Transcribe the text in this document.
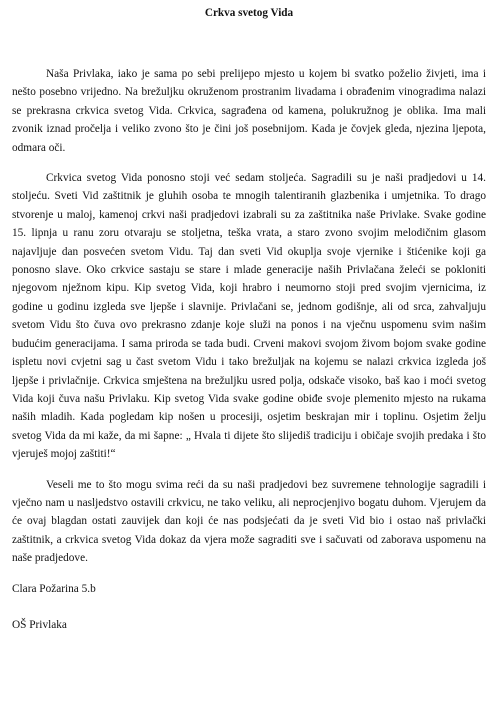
Crkva svetog Vida

Naša Privlaka, iako je sama po sebi prelijepo mjesto u kojem bi svatko poželio živjeti, ima i nešto posebno vrijedno. Na brežuljku okruženom prostranim livadama i obrađenim vinogradima nalazi se prekrasna crkvica svetog Vida. Crkvica, sagrađena od kamena, polukružnog je oblika. Ima mali zvonik iznad pročelja i veliko zvono što je čini još posebnijom. Kada je čovjek gleda, njezina ljepota, odmara oči.

Crkvica svetog Vida ponosno stoji već sedam stoljeća. Sagradili su je naši pradjedovi u 14. stoljeću. Sveti Vid zaštitnik je gluhih osoba te mnogih talentiranih glazbenika i umjetnika. To drago stvorenje u maloj, kamenoj crkvi naši pradjedovi izabrali su za zaštitnika naše Privlake. Svake godine 15. lipnja u ranu zoru otvaraju se stoljetna, teška vrata, a staro zvono svojim melodičnim glasom najavljuje dan posvećen svetom Vidu. Taj dan sveti Vid okuplja svoje vjernike i štićenike koji ga ponosno slave. Oko crkvice sastaju se stare i mlade generacije naših Privlačana želeći se pokloniti njegovom nježnom kipu. Kip svetog Vida, koji hrabro i neumorno stoji pred svojim vjernicima, iz godine u godinu izgleda sve ljepše i slavnije. Privlačani se, jednom godišnje, ali od srca, zahvaljuju svetom Vidu što čuva ovo prekrasno zdanje koje služi na ponos i na vječnu uspomenu svim našim budućim generacijama. I sama priroda se tada budi. Crveni makovi svojom živom bojom svake godine ispletu novi cvjetni sag u čast svetom Vidu i tako brežuljak na kojemu se nalazi crkvica izgleda još ljepše i privlačnije. Crkvica smještena na brežuljku usred polja, odskače visoko, baš kao i moći svetog Vida koji čuva našu Privlaku. Kip svetog Vida svake godine obiđe svoje plemenito mjesto na rukama naših mladih. Kada pogledam kip nošen u procesiji, osjetim beskrajan mir i toplinu. Osjetim želju svetog Vida da mi kaže, da mi šapne: „ Hvala ti dijete što slijediš tradiciju i običaje svojih predaka i što vjeruješ mojoj zaštiti!“

Veseli me to što mogu svima reći da su naši pradjedovi bez suvremene tehnologije sagradili i vječno nam u nasljedstvo ostavili crkvicu, ne tako veliku, ali neprocjenjivo bogatu duhom. Vjerujem da će ovaj blagdan ostati zauvijek dan koji će nas podsjećati da je sveti Vid bio i ostao naš privlački zaštitnik, a crkvica svetog Vida dokaz da vjera može sagraditi sve i sačuvati od zaborava uspomenu na naše pradjedove.

Clara Požarina 5.b

OŠ Privlaka
